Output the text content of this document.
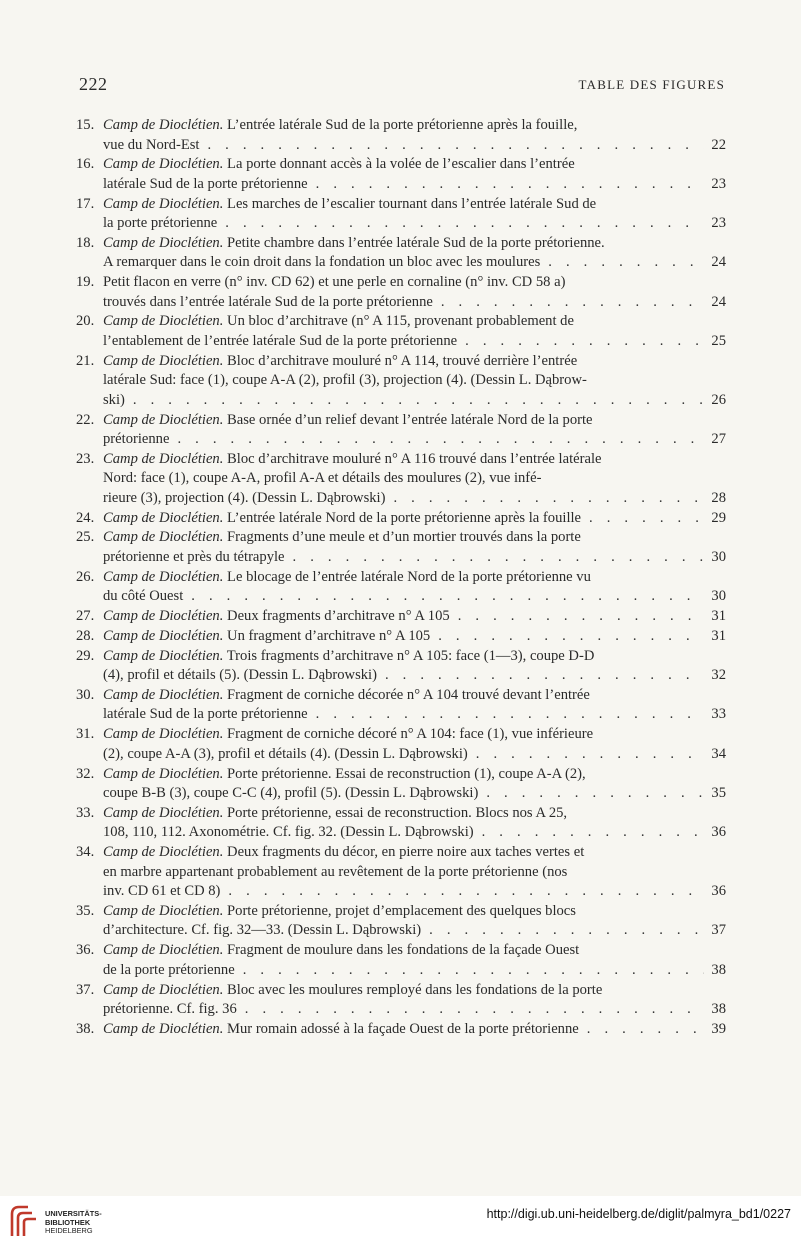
222	TABLE DES FIGURES
15. Camp de Dioclétien. L’entrée latérale Sud de la porte prétorienne après la fouille,
vue du Nord-Est . . .	22
16. Camp de Dioclétien. La porte donnant accès à la volée de l’escalier dans l’entrée
latérale Sud de la porte prétorienne . . .	23
17. Camp de Dioclétien. Les marches de l’escalier tournant dans l’entrée latérale Sud de
la porte prétorienne . . .	23
18. Camp de Dioclétien. Petite chambre dans l’entrée latérale Sud de la porte prétorienne.
A remarquer dans le coin droit dans la fondation un bloc avec les moulures . . .	24
19. Petit flacon en verre (n° inv. CD 62) et une perle en cornaline (n° inv. CD 58 a)
trouvés dans l’entrée latérale Sud de la porte prétorienne . . .	24
20. Camp de Dioclétien. Un bloc d’architrave (n° A 115, provenant probablement de
l’entablement de l’entrée latérale Sud de la porte prétorienne . . .	25
21. Camp de Dioclétien. Bloc d’architrave mouluré n° A 114, trouvé derrière l’entrée
latérale Sud: face (1), coupe A-A (2), profil (3), projection (4). (Dessin L. Dąbrow-
ski) . . .	26
22. Camp de Dioclétien. Base ornée d’un relief devant l’entrée latérale Nord de la porte
prétorienne . . .	27
23. Camp de Dioclétien. Bloc d’architrave mouluré n° A 116 trouvé dans l’entrée latérale
Nord: face (1), coupe A-A, profil A-A et détails des moulures (2), vue infé-
rieure (3), projection (4). (Dessin L. Dąbrowski) . . .	28
24. Camp de Dioclétien. L’entrée latérale Nord de la porte prétorienne après la fouille . . .	29
25. Camp de Dioclétien. Fragments d’une meule et d’un mortier trouvés dans la porte
prétorienne et près du tétrapyle . . .	30
26. Camp de Dioclétien. Le blocage de l’entrée latérale Nord de la porte prétorienne vu
du côté Ouest . . .	30
27. Camp de Dioclétien. Deux fragments d’architrave n° A 105 . . .	31
28. Camp de Dioclétien. Un fragment d’architrave n° A 105 . . .	31
29. Camp de Dioclétien. Trois fragments d’architrave n° A 105: face (1—3), coupe D-D
(4), profil et détails (5). (Dessin L. Dąbrowski) . . .	32
30. Camp de Dioclétien. Fragment de corniche décorée n° A 104 trouvé devant l’entrée
latérale Sud de la porte prétorienne . . .	33
31. Camp de Dioclétien. Fragment de corniche décoré n° A 104: face (1), vue inférieure
(2), coupe A-A (3), profil et détails (4). (Dessin L. Dąbrowski) . . .	34
32. Camp de Dioclétien. Porte prétorienne. Essai de reconstruction (1), coupe A-A (2),
coupe B-B (3), coupe C-C (4), profil (5). (Dessin L. Dąbrowski) . . .	35
33. Camp de Dioclétien. Porte prétorienne, essai de reconstruction. Blocs nos A 25,
108, 110, 112. Axonométrie. Cf. fig. 32. (Dessin L. Dąbrowski) . . .	36
34. Camp de Dioclétien. Deux fragments du décor, en pierre noire aux taches vertes et
en marbre appartenant probablement au revêtement de la porte prétorienne (nos
inv. CD 61 et CD 8) . . .	36
35. Camp de Dioclétien. Porte prétorienne, projet d’emplacement des quelques blocs
d’architecture. Cf. fig. 32—33. (Dessin L. Dąbrowski) . . .	37
36. Camp de Dioclétien. Fragment de moulure dans les fondations de la façade Ouest
de la porte prétorienne . . .	38
37. Camp de Dioclétien. Bloc avec les moulures remployé dans les fondations de la porte
prétorienne. Cf. fig. 36 . . .	38
38. Camp de Dioclétien. Mur romain adossé à la façade Ouest de la porte prétorienne . . .	39
UNIVERSITÄTS-
BIBLIOTHEK
HEIDELBERG
http://digi.ub.uni-heidelberg.de/diglit/palmyra_bd1/0227
